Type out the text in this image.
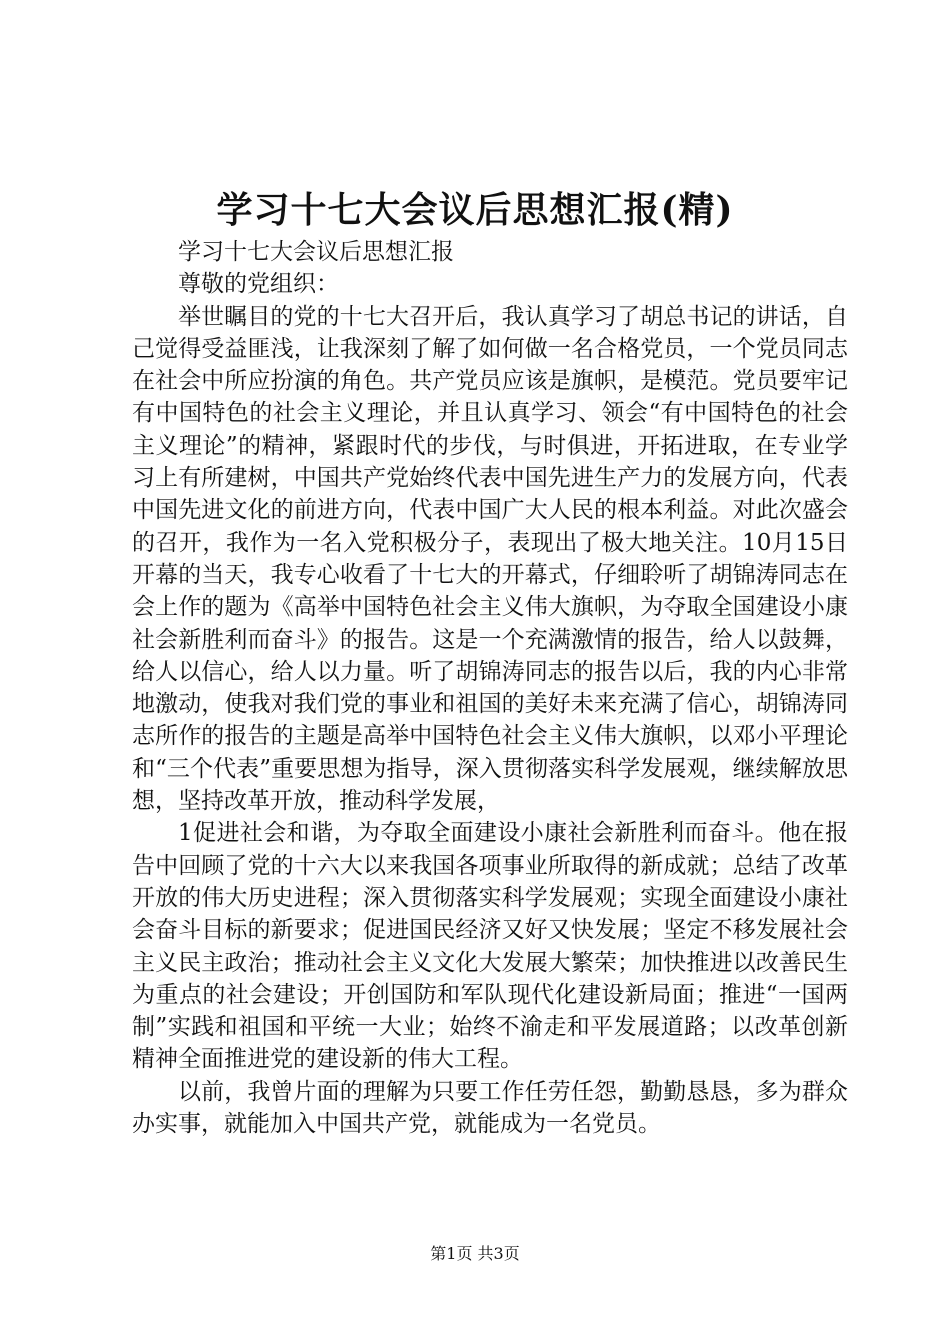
学习十七大会议后思想汇报(精)

学习十七大会议后思想汇报

尊敬的党组织：

举世瞩目的党的十七大召开后，我认真学习了胡总书记的讲话，自己觉得受益匪浅，让我深刻了解了如何做一名合格党员，一个党员同志在社会中所应扮演的角色。共产党员应该是旗帜，是模范。党员要牢记有中国特色的社会主义理论，并且认真学习、领会“有中国特色的社会主义理论”的精神，紧跟时代的步伐，与时俱进，开拓进取，在专业学习上有所建树，中国共产党始终代表中国先进生产力的发展方向，代表中国先进文化的前进方向，代表中国广大人民的根本利益。对此次盛会的召开，我作为一名入党积极分子，表现出了极大地关注。10月15日开幕的当天，我专心收看了十七大的开幕式，仔细聆听了胡锦涛同志在会上作的题为《高举中国特色社会主义伟大旗帜，为夺取全国建设小康社会新胜利而奋斗》的报告。这是一个充满激情的报告，给人以鼓舞，给人以信心，给人以力量。听了胡锦涛同志的报告以后，我的内心非常地激动，使我对我们党的事业和祖国的美好未来充满了信心，胡锦涛同志所作的报告的主题是高举中国特色社会主义伟大旗帜，以邓小平理论和“三个代表”重要思想为指导，深入贯彻落实科学发展观，继续解放思想，坚持改革开放，推动科学发展，

1促进社会和谐，为夺取全面建设小康社会新胜利而奋斗。他在报告中回顾了党的十六大以来我国各项事业所取得的新成就；总结了改革开放的伟大历史进程；深入贯彻落实科学发展观；实现全面建设小康社会奋斗目标的新要求；促进国民经济又好又快发展；坚定不移发展社会主义民主政治；推动社会主义文化大发展大繁荣；加快推进以改善民生为重点的社会建设；开创国防和军队现代化建设新局面；推进“一国两制”实践和祖国和平统一大业；始终不渝走和平发展道路；以改革创新精神全面推进党的建设新的伟大工程。

以前，我曾片面的理解为只要工作任劳任怨，勤勤恳恳，多为群众办实事，就能加入中国共产党，就能成为一名党员。

第1页 共3页
